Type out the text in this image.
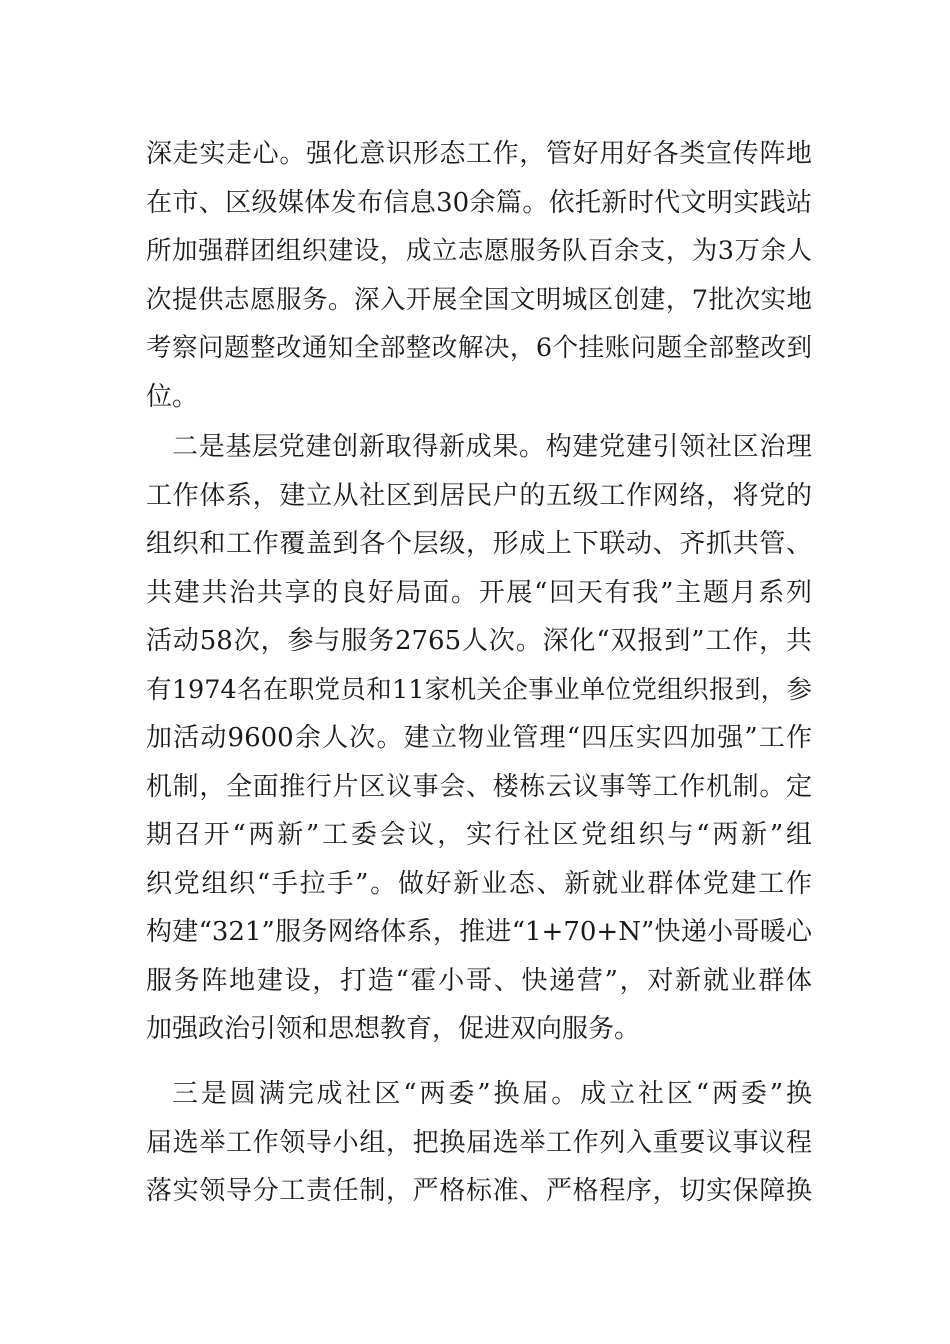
深走实走心。强化意识形态工作，管好用好各类宣传阵地
在市、区级媒体发布信息30余篇。依托新时代文明实践站
所加强群团组织建设，成立志愿服务队百余支，为3万余人
次提供志愿服务。深入开展全国文明城区创建，7批次实地
考察问题整改通知全部整改解决，6个挂账问题全部整改到
位。
二是基层党建创新取得新成果。构建党建引领社区治理
工作体系，建立从社区到居民户的五级工作网络，将党的
组织和工作覆盖到各个层级，形成上下联动、齐抓共管、
共建共治共享的良好局面。开展“回天有我”主题月系列
活动58次，参与服务2765人次。深化“双报到”工作，共
有1974名在职党员和11家机关企事业单位党组织报到，参
加活动9600余人次。建立物业管理“四压实四加强”工作
机制，全面推行片区议事会、楼栋云议事等工作机制。定
期召开“两新”工委会议，实行社区党组织与“两新”组
织党组织“手拉手”。做好新业态、新就业群体党建工作
构建“321”服务网络体系，推进“1+70+N”快递小哥暖心
服务阵地建设，打造“霍小哥、快递营”，对新就业群体
加强政治引领和思想教育，促进双向服务。
三是圆满完成社区“两委”换届。成立社区“两委”换
届选举工作领导小组，把换届选举工作列入重要议事议程
落实领导分工责任制，严格标准、严格程序，切实保障换
